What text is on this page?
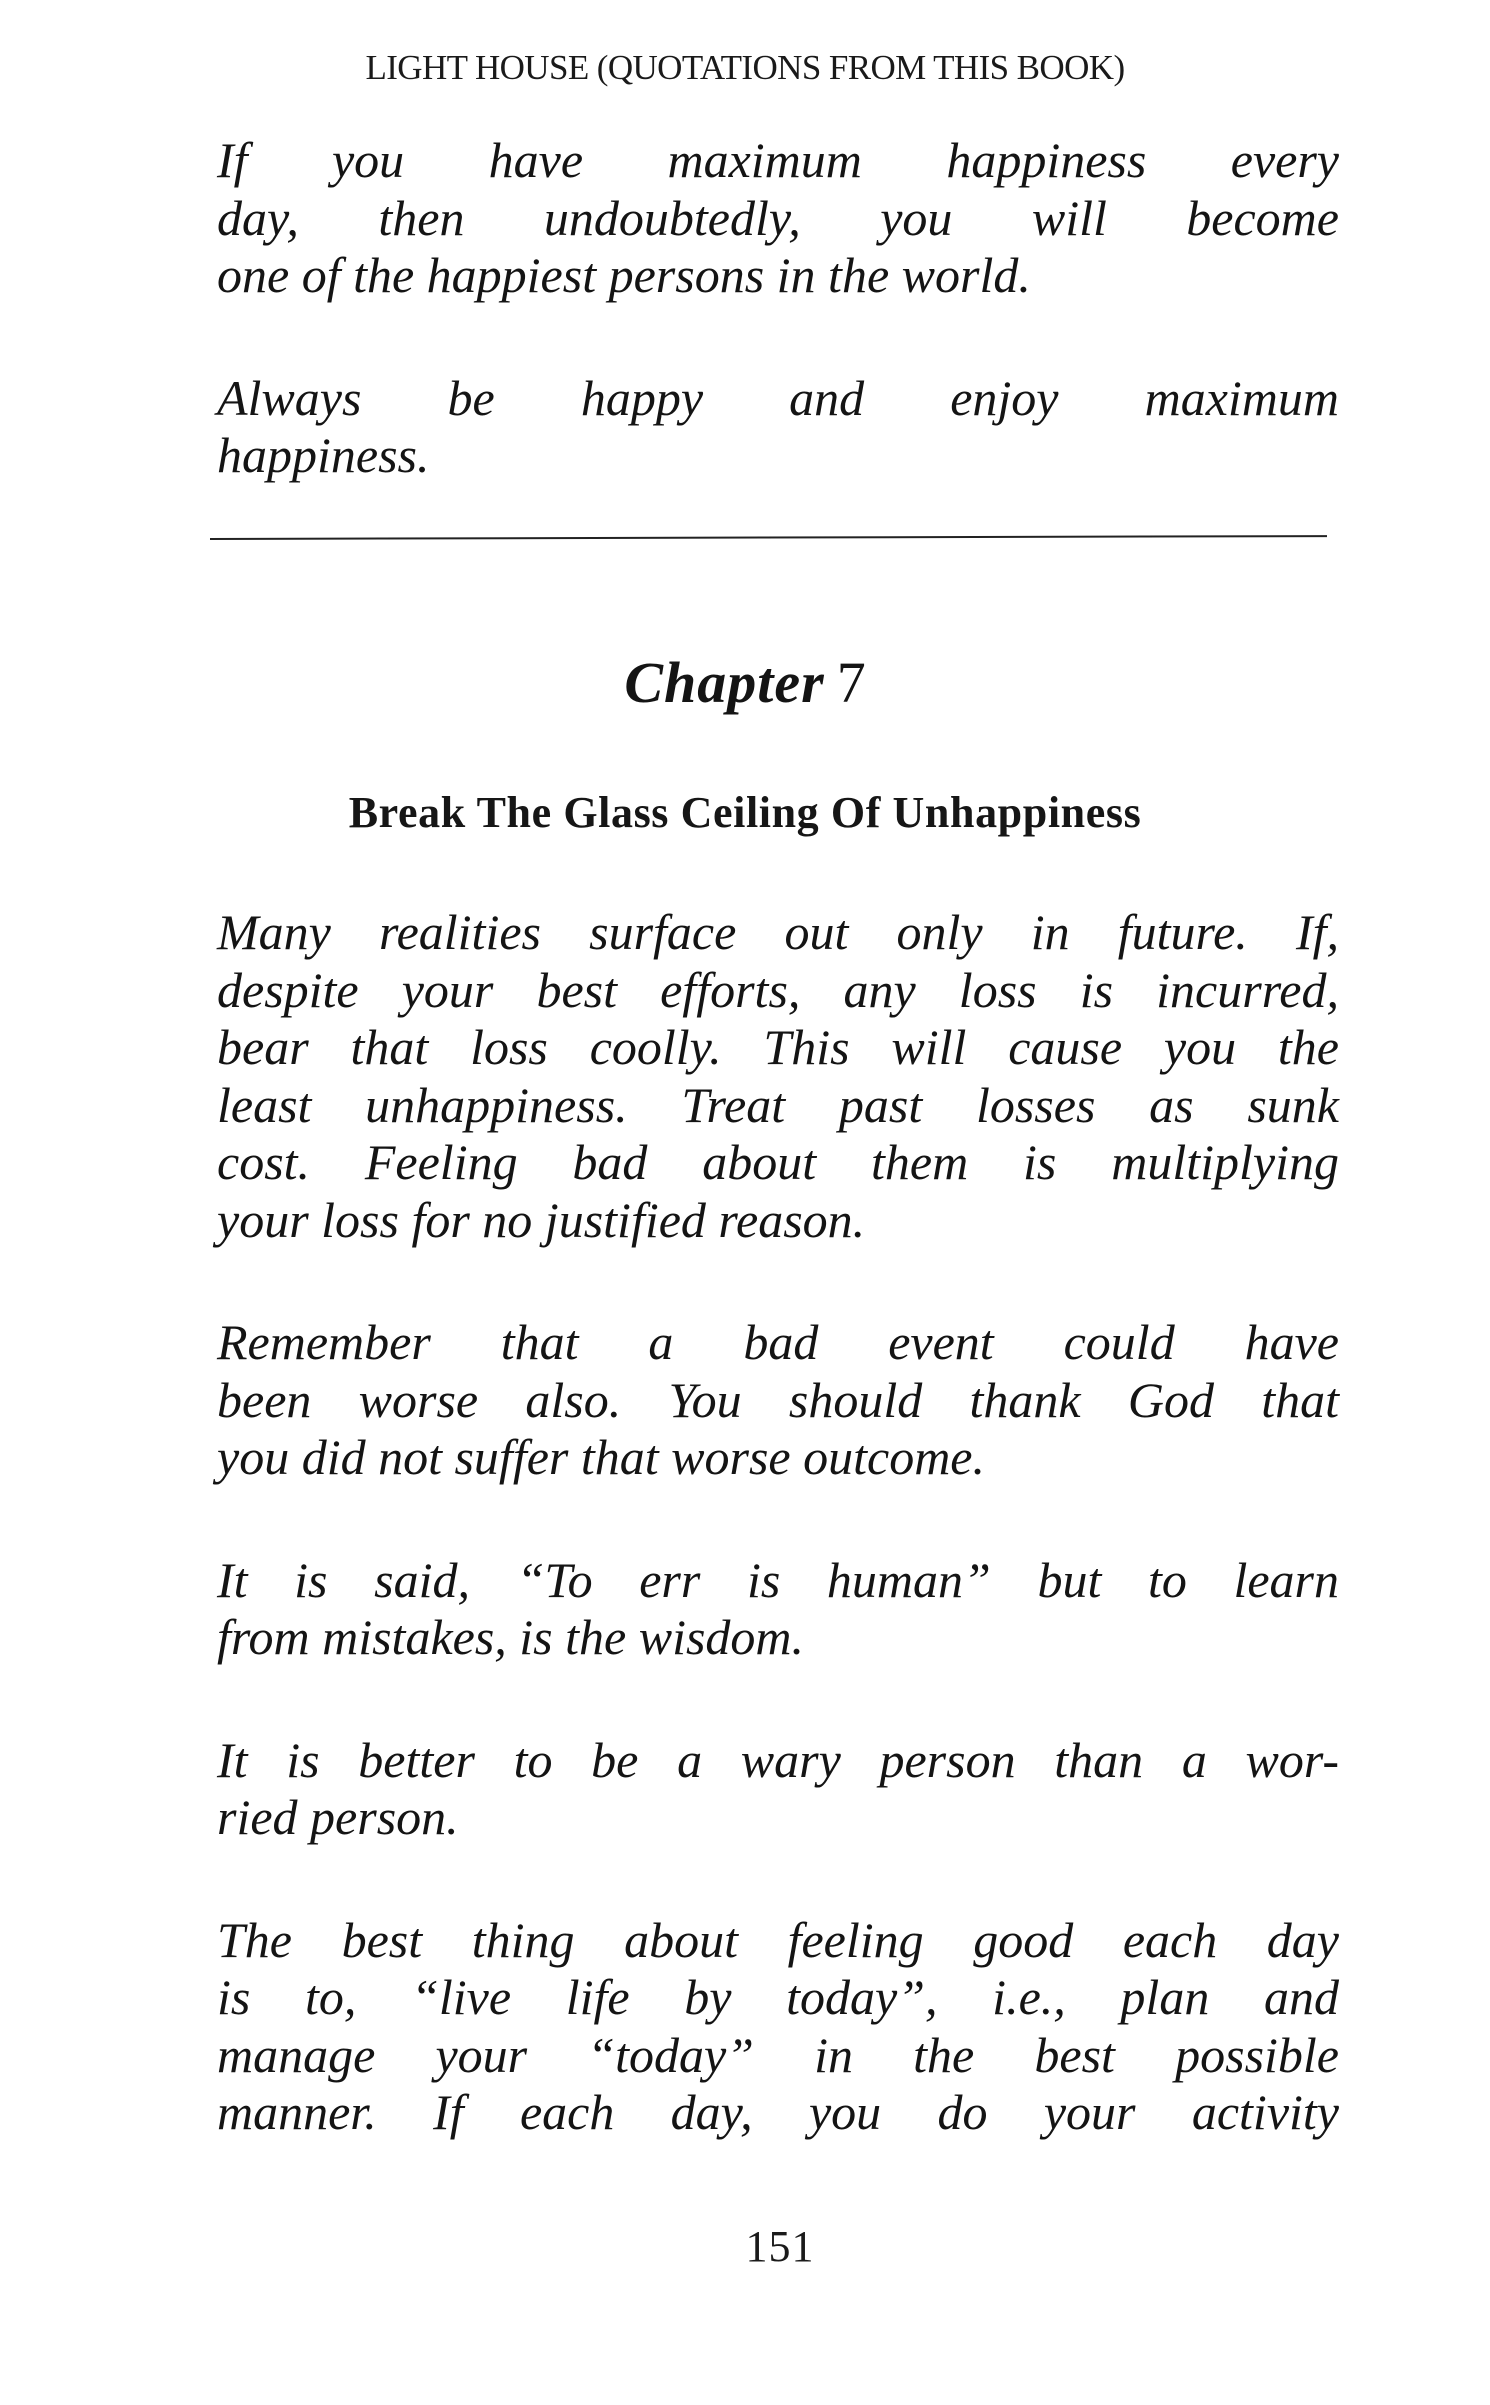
LIGHT HOUSE (QUOTATIONS FROM THIS BOOK)
If you have maximum happiness every
day, then undoubtedly, you will become
one of the happiest persons in the world.
Always be happy and enjoy maximum
happiness.
Chapter 7
Break The Glass Ceiling Of Unhappiness
Many realities surface out only in future. If,
despite your best efforts, any loss is incurred,
bear that loss coolly. This will cause you the
least unhappiness. Treat past losses as sunk
cost. Feeling bad about them is multiplying
your loss for no justified reason.
Remember that a bad event could have
been worse also. You should thank God that
you did not suffer that worse outcome.
It is said, “To err is human” but to learn
from mistakes, is the wisdom.
It is better to be a wary person than a wor-
ried person.
The best thing about feeling good each day
is to, “live life by today”, i.e., plan and
manage your “today” in the best possible
manner. If each day, you do your activity
151
